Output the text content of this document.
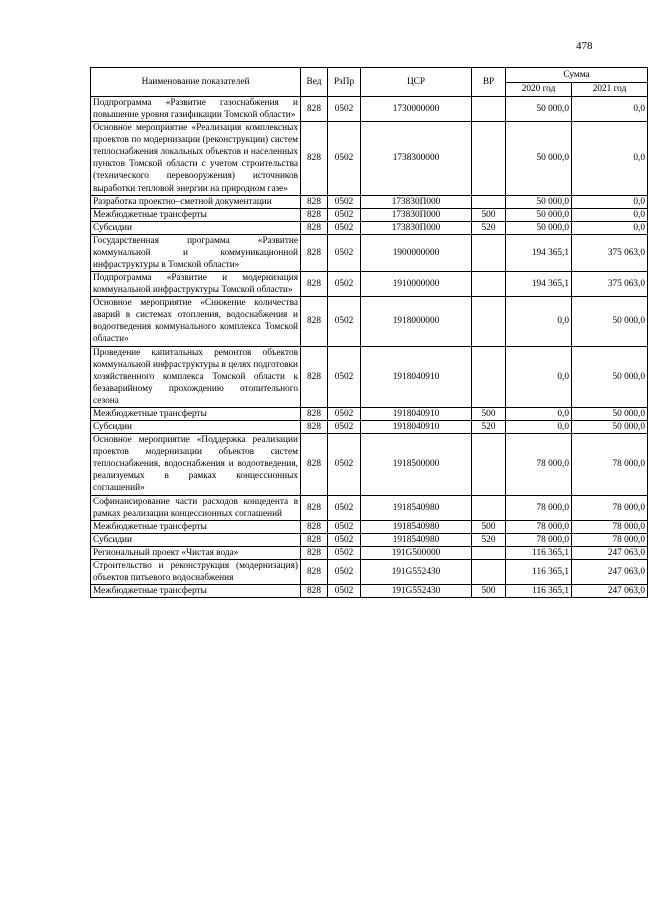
478
Наименование показателей	Вед	РзПр	ЦСР	ВР	Сумма	
					2020 год	2021 год
Подпрограмма «Развитие газоснабжения и повышение уровня газификации Томской области»	828	0502	1730000000		50 000,0	0,0
Основное мероприятие «Реализация комплексных проектов по модернизации (реконструкции) систем теплоснабжения локальных объектов и населенных пунктов Томской области с учетом строительства (технического перевооружения) источников выработки тепловой энергии на природном газе»	828	0502	1738300000		50 000,0	0,0
Разработка проектно–сметной документации	828	0502	173830П000		50 000,0	0,0
Межбюджетные трансферты	828	0502	173830П000	500	50 000,0	0,0
Субсидии	828	0502	173830П000	520	50 000,0	0,0
Государственная программа «Развитие коммунальной и коммуникационной инфраструктуры в Томской области»	828	0502	1900000000		194 365,1	375 063,0
Подпрограмма «Развитие и модернизация коммунальной инфраструктуры Томской области»	828	0502	1910000000		194 365,1	375 063,0
Основное мероприятие «Снижение количества аварий в системах отопления, водоснабжения и водоотведения коммунального комплекса Томской области»	828	0502	1918000000		0,0	50 000,0
Проведение капитальных ремонтов объектов коммунальной инфраструктуры в целях подготовки хозяйственного комплекса Томской области к безаварийному прохождению отопительного сезона	828	0502	1918040910		0,0	50 000,0
Межбюджетные трансферты	828	0502	1918040910	500	0,0	50 000,0
Субсидии	828	0502	1918040910	520	0,0	50 000,0
Основное мероприятие «Поддержка реализации проектов модернизации объектов систем теплоснабжения, водоснабжения и водоотведения, реализуемых в рамках концессионных соглашений»	828	0502	1918500000		78 000,0	78 000,0
Софинансирование части расходов концедента в рамках реализации концессионных соглашений	828	0502	1918540980		78 000,0	78 000,0
Межбюджетные трансферты	828	0502	1918540980	500	78 000,0	78 000,0
Субсидии	828	0502	1918540980	520	78 000,0	78 000,0
Региональный проект «Чистая вода»	828	0502	191G500000		116 365,1	247 063,0
Строительство и реконструкция (модернизация) объектов питьевого водоснабжения	828	0502	191G552430		116 365,1	247 063,0
Межбюджетные трансферты	828	0502	191G552430	500	116 365,1	247 063,0
